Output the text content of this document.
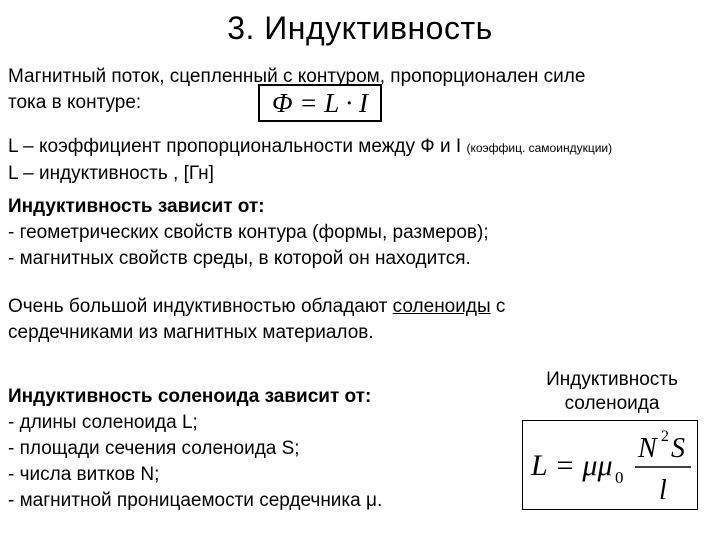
3. Индуктивность
Магнитный поток, сцепленный с контуром, пропорционален силе
тока в контуре:	Φ = L · I
L – коэффициент пропорциональности между Ф и I (коэффиц. самоиндукции)
L – индуктивность , [Гн]
Индуктивность зависит от:
- геометрических свойств контура (формы, размеров);
- магнитных свойств среды, в которой он находится.
Очень большой индуктивностью обладают соленоиды с
сердечниками из магнитных материалов.
Индуктивность соленоида зависит от:
- длины соленоида L;
- площади сечения соленоида S;
- числа витков N;
- магнитной проницаемости сердечника μ.
Индуктивность
соленоида
L = μμ 0
N 2 S
l
